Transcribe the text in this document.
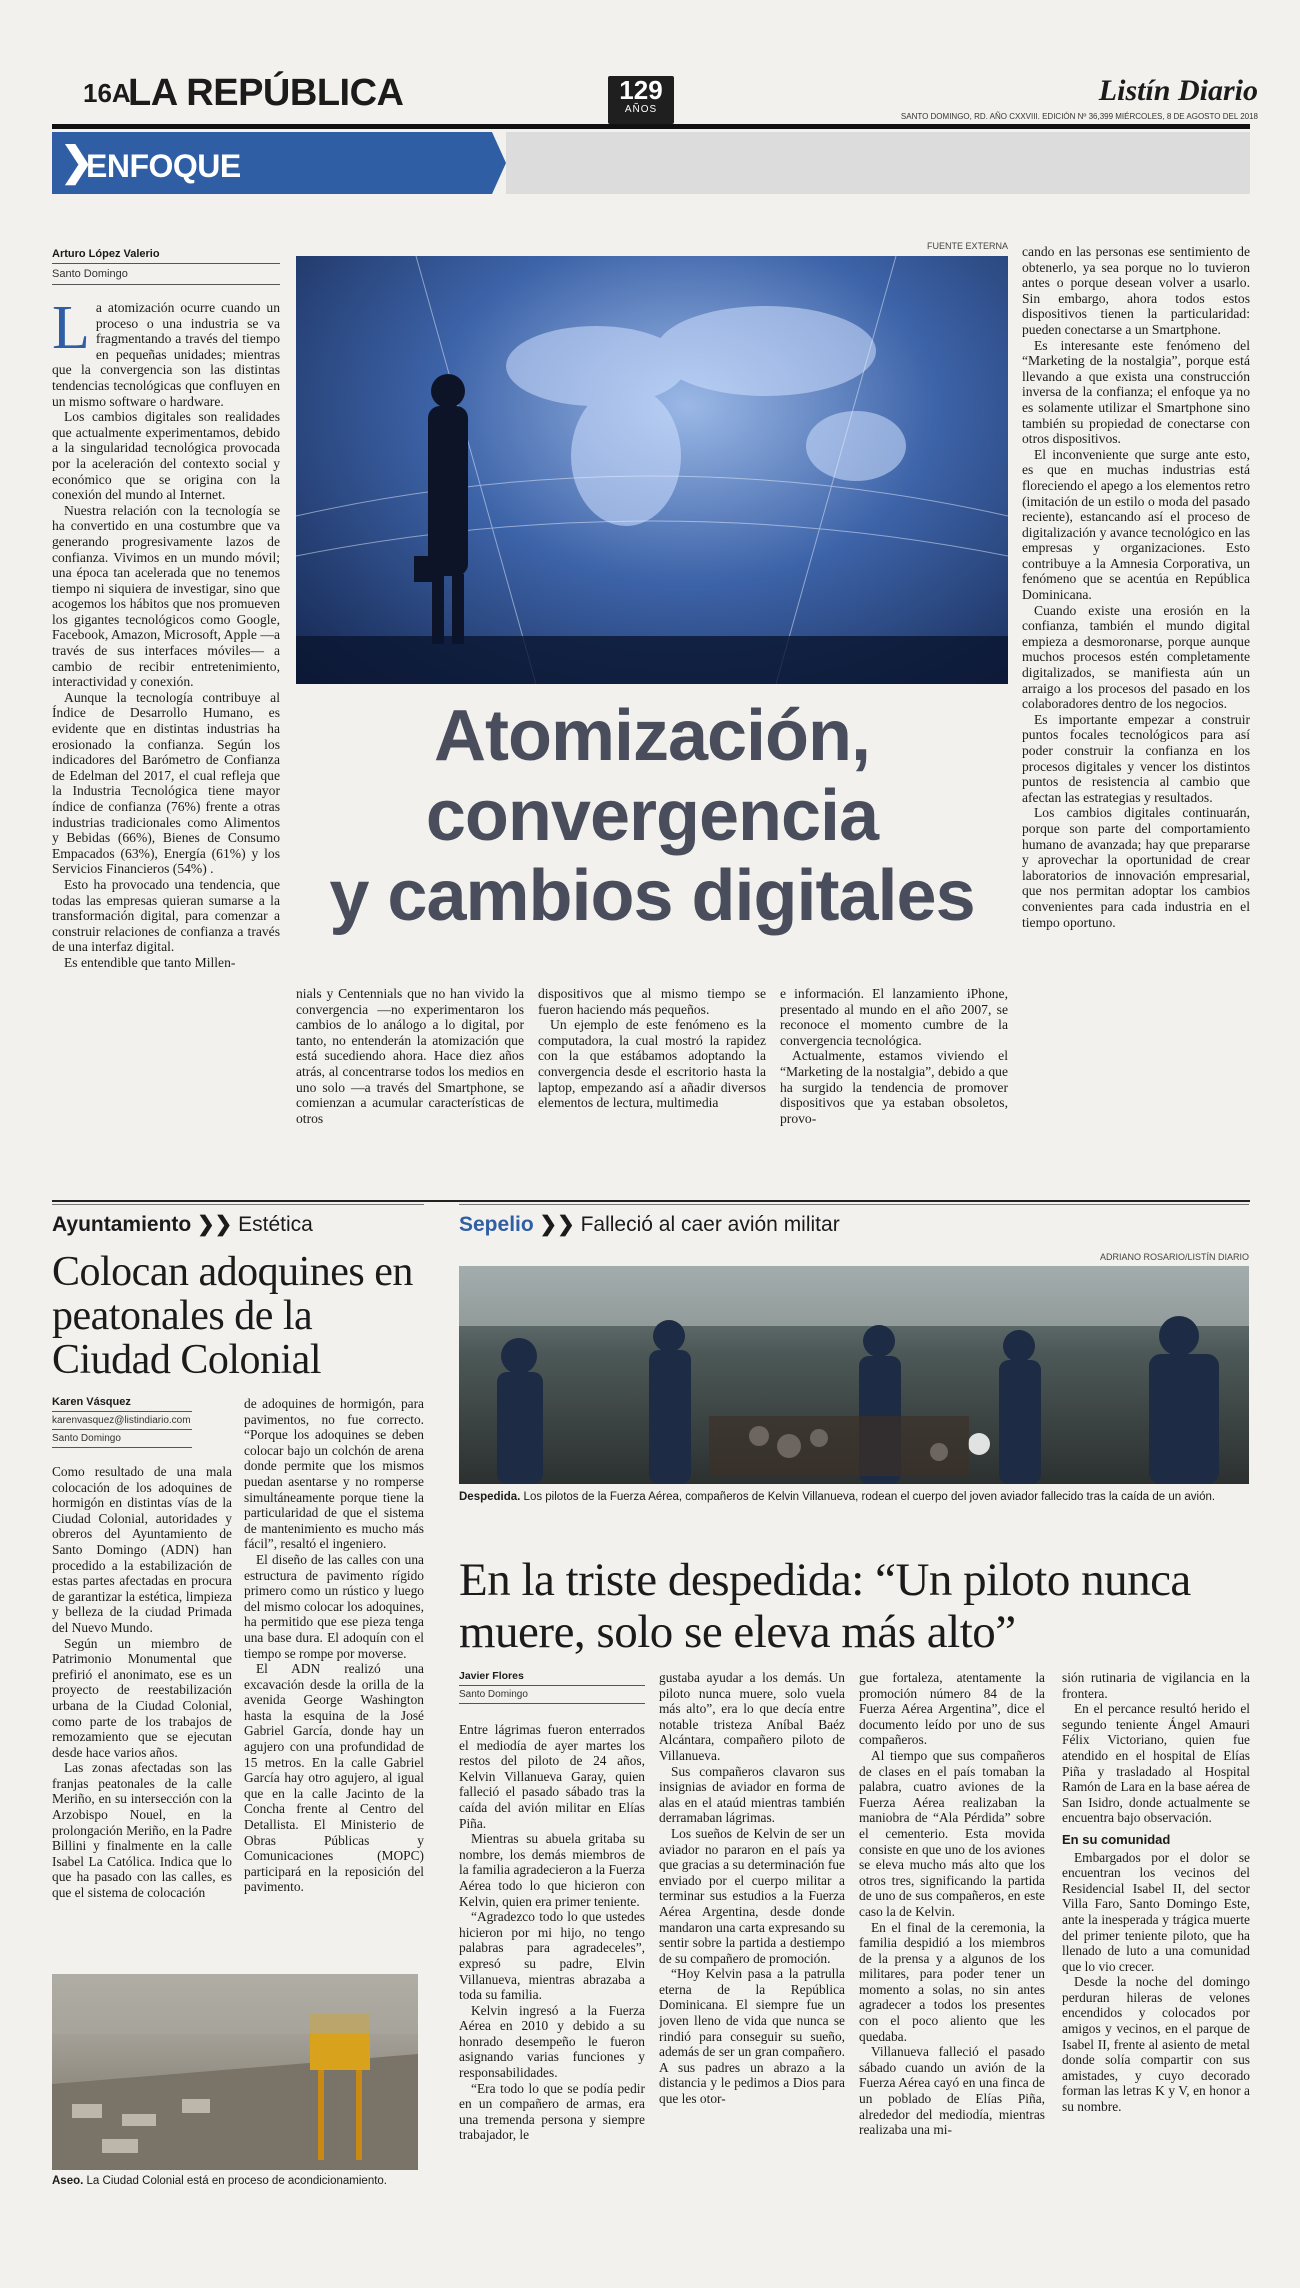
16A
LA REPÚBLICA	129
AÑOS
Listín Diario
SANTO DOMINGO, RD. AÑO CXXVIII. EDICIÓN Nº 36,399 MIÉRCOLES, 8 DE AGOSTO DEL 2018
❯
ENFOQUE
Arturo López Valerio
Santo Domingo

La atomización ocurre cuando un proceso o una industria se va fragmentando a través del tiempo en pequeñas unidades; mientras que la convergencia son las distintas tendencias tecnológicas que confluyen en un mismo software o hardware.

Los cambios digitales son realidades que actualmente experimentamos, debido a la singularidad tecnológica provocada por la aceleración del contexto social y económico que se origina con la conexión del mundo al Internet.

Nuestra relación con la tecnología se ha convertido en una costumbre que va generando progresivamente lazos de confianza. Vivimos en un mundo móvil; una época tan acelerada que no tenemos tiempo ni siquiera de investigar, sino que acogemos los hábitos que nos promueven los gigantes tecnológicos como Google, Facebook, Amazon, Microsoft, Apple —a través de sus interfaces móviles— a cambio de recibir entretenimiento, interactividad y conexión.

Aunque la tecnología contribuye al Índice de Desarrollo Humano, es evidente que en distintas industrias ha erosionado la confianza. Según los indicadores del Barómetro de Confianza de Edelman del 2017, el cual refleja que la Industria Tecnológica tiene mayor índice de confianza (76%) frente a otras industrias tradicionales como Alimentos y Bebidas (66%), Bienes de Consumo Empacados (63%), Energía (61%) y los Servicios Financieros (54%) .

Esto ha provocado una tendencia, que todas las empresas quieran sumarse a la transformación digital, para comenzar a construir relaciones de confianza a través de una interfaz digital.

Es entendible que tanto Millen-

FUENTE EXTERNA
Atomización,
convergencia
y cambios digitales

nials y Centennials que no han vivido la convergencia —no experimentaron los cambios de lo análogo a lo digital, por tanto, no entenderán la atomización que está sucediendo ahora. Hace diez años atrás, al concentrarse todos los medios en uno solo —a través del Smartphone, se comienzan a acumular características de otros

dispositivos que al mismo tiempo se fueron haciendo más pequeños.

Un ejemplo de este fenómeno es la computadora, la cual mostró la rapidez con la que estábamos adoptando la convergencia desde el escritorio hasta la laptop, empezando así a añadir diversos elementos de lectura, multimedia

e información. El lanzamiento iPhone, presentado al mundo en el año 2007, se reconoce el momento cumbre de la convergencia tecnológica.

Actualmente, estamos viviendo el “Marketing de la nostalgia”, debido a que ha surgido la tendencia de promover dispositivos que ya estaban obsoletos, provo-

cando en las personas ese sentimiento de obtenerlo, ya sea porque no lo tuvieron antes o porque desean volver a usarlo. Sin embargo, ahora todos estos dispositivos tienen la particularidad: pueden conectarse a un Smartphone.

Es interesante este fenómeno del “Marketing de la nostalgia”, porque está llevando a que exista una construcción inversa de la confianza; el enfoque ya no es solamente utilizar el Smartphone sino también su propiedad de conectarse con otros dispositivos.

El inconveniente que surge ante esto, es que en muchas industrias está floreciendo el apego a los elementos retro (imitación de un estilo o moda del pasado reciente), estancando así el proceso de digitalización y avance tecnológico en las empresas y organizaciones. Esto contribuye a la Amnesia Corporativa, un fenómeno que se acentúa en República Dominicana.

Cuando existe una erosión en la confianza, también el mundo digital empieza a desmoronarse, porque aunque muchos procesos estén completamente digitalizados, se manifiesta aún un arraigo a los procesos del pasado en los colaboradores dentro de los negocios.

Es importante empezar a construir puntos focales tecnológicos para así poder construir la confianza en los procesos digitales y vencer los distintos puntos de resistencia al cambio que afectan las estrategias y resultados.

Los cambios digitales continuarán, porque son parte del comportamiento humano de avanzada; hay que prepararse y aprovechar la oportunidad de crear laboratorios de innovación empresarial, que nos permitan adoptar los cambios convenientes para cada industria en el tiempo oportuno.

Ayuntamiento ❯❯ Estética
Colocan adoquines en peatonales de la Ciudad Colonial
Karen Vásquez
karenvasquez@listindiario.com
Santo Domingo

Como resultado de una mala colocación de los adoquines de hormigón en distintas vías de la Ciudad Colonial, autoridades y obreros del Ayuntamiento de Santo Domingo (ADN) han procedido a la estabilización de estas partes afectadas en procura de garantizar la estética, limpieza y belleza de la ciudad Primada del Nuevo Mundo.

Según un miembro de Patrimonio Monumental que prefirió el anonimato, ese es un proyecto de reestabilización urbana de la Ciudad Colonial, como parte de los trabajos de remozamiento que se ejecutan desde hace varios años.

Las zonas afectadas son las franjas peatonales de la calle Meriño, en su intersección con la Arzobispo Nouel, en la prolongación Meriño, en la Padre Billini y finalmente en la calle Isabel La Católica. Indica que lo que ha pasado con las calles, es que el sistema de colocación

de adoquines de hormigón, para pavimentos, no fue correcto. “Porque los adoquines se deben colocar bajo un colchón de arena donde permite que los mismos puedan asentarse y no romperse simultáneamente porque tiene la particularidad de que el sistema de mantenimiento es mucho más fácil”, resaltó el ingeniero.

El diseño de las calles con una estructura de pavimento rígido primero como un rústico y luego del mismo colocar los adoquines, ha permitido que ese pieza tenga una base dura. El adoquín con el tiempo se rompe por moverse.

El ADN realizó una excavación desde la orilla de la avenida George Washington hasta la esquina de la José Gabriel García, donde hay un agujero con una profundidad de 15 metros. En la calle Gabriel García hay otro agujero, al igual que en la calle Jacinto de la Concha frente al Centro del Detallista. El Ministerio de Obras Públicas y Comunicaciones (MOPC) participará en la reposición del pavimento.

Aseo. La Ciudad Colonial está en proceso de acondicionamiento.
Sepelio ❯❯ Falleció al caer avión militar
ADRIANO ROSARIO/LISTÍN DIARIO
Despedida. Los pilotos de la Fuerza Aérea, compañeros de Kelvin Villanueva, rodean el cuerpo del joven aviador fallecido tras la caída de un avión.
En la triste despedida: “Un piloto nunca muere, solo se eleva más alto”
Javier Flores
Santo Domingo

Entre lágrimas fueron enterrados el mediodía de ayer martes los restos del piloto de 24 años, Kelvin Villanueva Garay, quien falleció el pasado sábado tras la caída del avión militar en Elías Piña.

Mientras su abuela gritaba su nombre, los demás miembros de la familia agradecieron a la Fuerza Aérea todo lo que hicieron con Kelvin, quien era primer teniente.

“Agradezco todo lo que ustedes hicieron por mi hijo, no tengo palabras para agradeceles”, expresó su padre, Elvin Villanueva, mientras abrazaba a toda su familia.

Kelvin ingresó a la Fuerza Aérea en 2010 y debido a su honrado desempeño le fueron asignando varias funciones y responsabilidades.

“Era todo lo que se podía pedir en un compañero de armas, era una tremenda persona y siempre trabajador, le

gustaba ayudar a los demás. Un piloto nunca muere, solo vuela más alto”, era lo que decía entre notable tristeza Aníbal Baéz Alcántara, compañero piloto de Villanueva.

Sus compañeros clavaron sus insignias de aviador en forma de alas en el ataúd mientras también derramaban lágrimas.

Los sueños de Kelvin de ser un aviador no pararon en el país ya que gracias a su determinación fue enviado por el cuerpo militar a terminar sus estudios a la Fuerza Aérea Argentina, desde donde mandaron una carta expresando su sentir sobre la partida a destiempo de su compañero de promoción.

“Hoy Kelvin pasa a la patrulla eterna de la República Dominicana. El siempre fue un joven lleno de vida que nunca se rindió para conseguir su sueño, además de ser un gran compañero. A sus padres un abrazo a la distancia y le pedimos a Dios para que les otor-

gue fortaleza, atentamente la promoción número 84 de la Fuerza Aérea Argentina”, dice el documento leído por uno de sus compañeros.

Al tiempo que sus compañeros de clases en el país tomaban la palabra, cuatro aviones de la Fuerza Aérea realizaban la maniobra de “Ala Pérdida” sobre el cementerio. Esta movida consiste en que uno de los aviones se eleva mucho más alto que los otros tres, significando la partida de uno de sus compañeros, en este caso la de Kelvin.

En el final de la ceremonia, la familia despidió a los miembros de la prensa y a algunos de los militares, para poder tener un momento a solas, no sin antes agradecer a todos los presentes con el poco aliento que les quedaba.

Villanueva falleció el pasado sábado cuando un avión de la Fuerza Aérea cayó en una finca de un poblado de Elías Piña, alrededor del mediodía, mientras realizaba una mi-

sión rutinaria de vigilancia en la frontera.

En el percance resultó herido el segundo teniente Ángel Amauri Félix Victoriano, quien fue atendido en el hospital de Elías Piña y trasladado al Hospital Ramón de Lara en la base aérea de San Isidro, donde actualmente se encuentra bajo observación.

En su comunidad

Embargados por el dolor se encuentran los vecinos del Residencial Isabel II, del sector Villa Faro, Santo Domingo Este, ante la inesperada y trágica muerte del primer teniente piloto, que ha llenado de luto a una comunidad que lo vio crecer.

Desde la noche del domingo perduran hileras de velones encendidos y colocados por amigos y vecinos, en el parque de Isabel II, frente al asiento de metal donde solía compartir con sus amistades, y cuyo decorado forman las letras K y V, en honor a su nombre.
